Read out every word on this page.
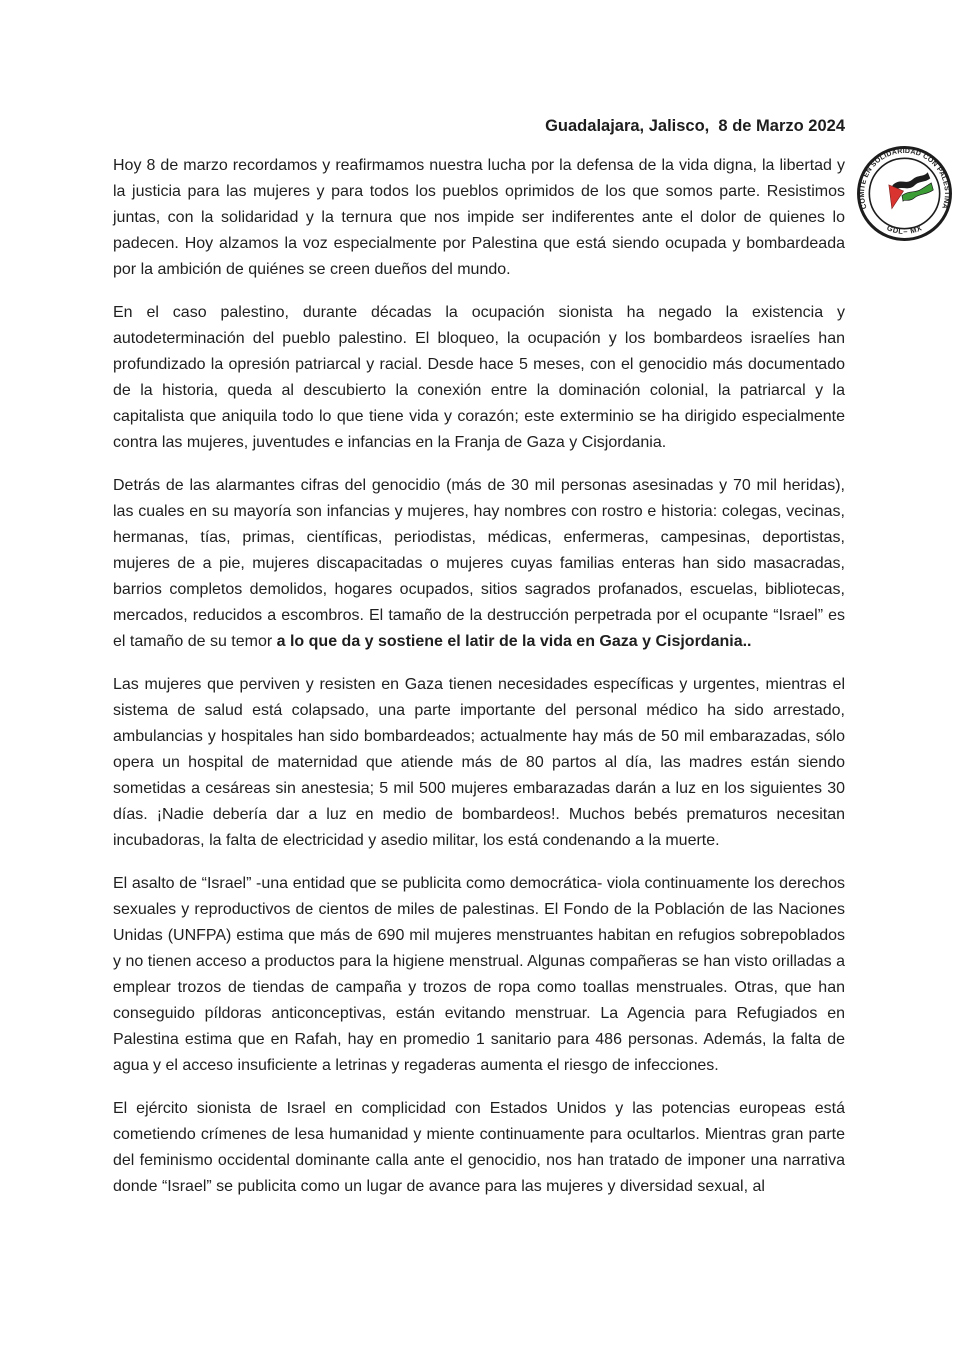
Guadalajara, Jalisco,  8 de Marzo 2024
COMITÉ EN SOLIDARIDAD CON PALESTINA
GDL– MX

Hoy 8 de marzo recordamos y reafirmamos nuestra lucha por la defensa de la vida digna, la libertad y la justicia para las mujeres y para todos los pueblos oprimidos de los que somos parte. Resistimos juntas, con la solidaridad y la ternura que nos impide ser indiferentes ante el dolor de quienes lo padecen. Hoy alzamos la voz especialmente por Palestina que está siendo ocupada y bombardeada por la ambición de quiénes se creen dueños del mundo.

En el caso palestino, durante décadas la ocupación sionista ha negado la existencia y autodeterminación del pueblo palestino. El bloqueo, la ocupación y los bombardeos israelíes han profundizado la opresión patriarcal y racial. Desde hace 5 meses, con el genocidio más documentado de la historia, queda al descubierto la conexión entre la dominación colonial, la patriarcal y la capitalista que aniquila todo lo que tiene vida y corazón; este exterminio se ha dirigido especialmente contra las mujeres, juventudes e infancias en la Franja de Gaza y Cisjordania.

Detrás de las alarmantes cifras del genocidio (más de 30 mil personas asesinadas y 70 mil heridas), las cuales en su mayoría son infancias y mujeres, hay nombres con rostro e historia: colegas, vecinas, hermanas, tías, primas, científicas, periodistas, médicas, enfermeras, campesinas, deportistas, mujeres de a pie, mujeres discapacitadas o mujeres cuyas familias enteras han sido masacradas, barrios completos demolidos, hogares ocupados, sitios sagrados profanados, escuelas, bibliotecas, mercados, reducidos a escombros. El tamaño de la destrucción perpetrada por el ocupante “Israel” es el tamaño de su temor a lo que da y sostiene el latir de la vida en Gaza y Cisjordania..

Las mujeres que perviven y resisten en Gaza tienen necesidades específicas y urgentes, mientras el sistema de salud está colapsado, una parte importante del personal médico ha sido arrestado, ambulancias y hospitales han sido bombardeados; actualmente hay más de 50 mil embarazadas, sólo opera un hospital de maternidad que atiende más de 80 partos al día, las madres están siendo sometidas a cesáreas sin anestesia; 5 mil 500 mujeres embarazadas darán a luz en los siguientes 30 días. ¡Nadie debería dar a luz en medio de bombardeos!. Muchos bebés prematuros necesitan incubadoras, la falta de electricidad y asedio militar, los está condenando a la muerte.

El asalto de “Israel” -una entidad que se publicita como democrática- viola continuamente los derechos sexuales y reproductivos de cientos de miles de palestinas. El Fondo de la Población de las Naciones Unidas (UNFPA) estima que más de 690 mil mujeres menstruantes habitan en refugios sobrepoblados y no tienen acceso a productos para la higiene menstrual. Algunas compañeras se han visto orilladas a emplear trozos de tiendas de campaña y trozos de ropa como toallas menstruales. Otras, que han conseguido píldoras anticonceptivas, están evitando menstruar. La Agencia para Refugiados en Palestina estima que en Rafah, hay en promedio 1 sanitario para 486 personas. Además, la falta de agua y el acceso insuficiente a letrinas y regaderas aumenta el riesgo de infecciones.

El ejército sionista de Israel en complicidad con Estados Unidos y las potencias europeas está cometiendo crímenes de lesa humanidad y miente continuamente para ocultarlos. Mientras gran parte del feminismo occidental dominante calla ante el genocidio, nos han tratado de imponer una narrativa donde “Israel” se publicita como un lugar de avance para las mujeres y diversidad sexual, al
